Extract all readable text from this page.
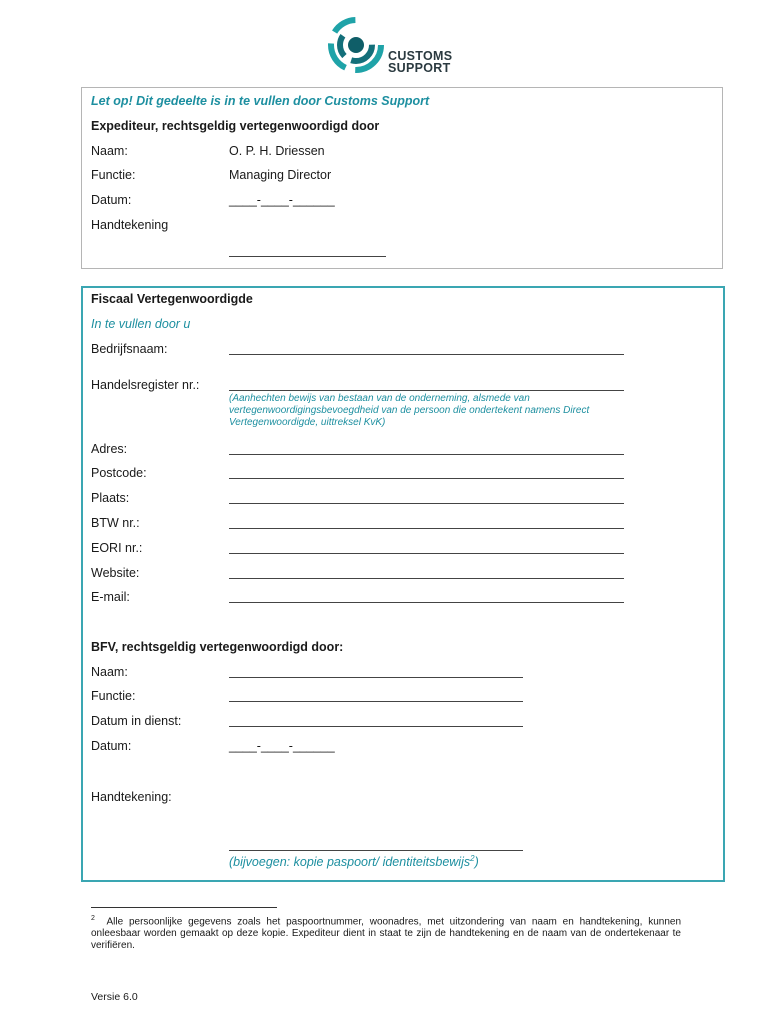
CUSTOMS
SUPPORT
Let op! Dit gedeelte is in te vullen door Customs Support
Expediteur, rechtsgeldig vertegenwoordigd door
Naam:	O. P. H. Driessen
Functie:	Managing Director
Datum:	____-____-______
Handtekening
Fiscaal Vertegenwoordigde
In te vullen door u
Bedrijfsnaam:
Handelsregister nr.:
(Aanhechten bewijs van bestaan van de onderneming, alsmede van
vertegenwoordigingsbevoegdheid van de persoon die ondertekent namens Direct
Vertegenwoordigde, uittreksel KvK)
Adres:
Postcode:
Plaats:
BTW nr.:
EORI nr.:
Website:
E-mail:
BFV, rechtsgeldig vertegenwoordigd door:
Naam:
Functie:
Datum in dienst:
Datum:	____-____-______
Handtekening:
(bijvoegen: kopie paspoort/ identiteitsbewijs$^2$)
$^2$ Alle persoonlijke gegevens zoals het paspoortnummer, woonadres, met uitzondering van naam en handtekening, kunnen onleesbaar worden gemaakt op deze kopie. Expediteur dient in staat te zijn de handtekening en de naam van de ondertekenaar te verifiëren.
Versie 6.0
